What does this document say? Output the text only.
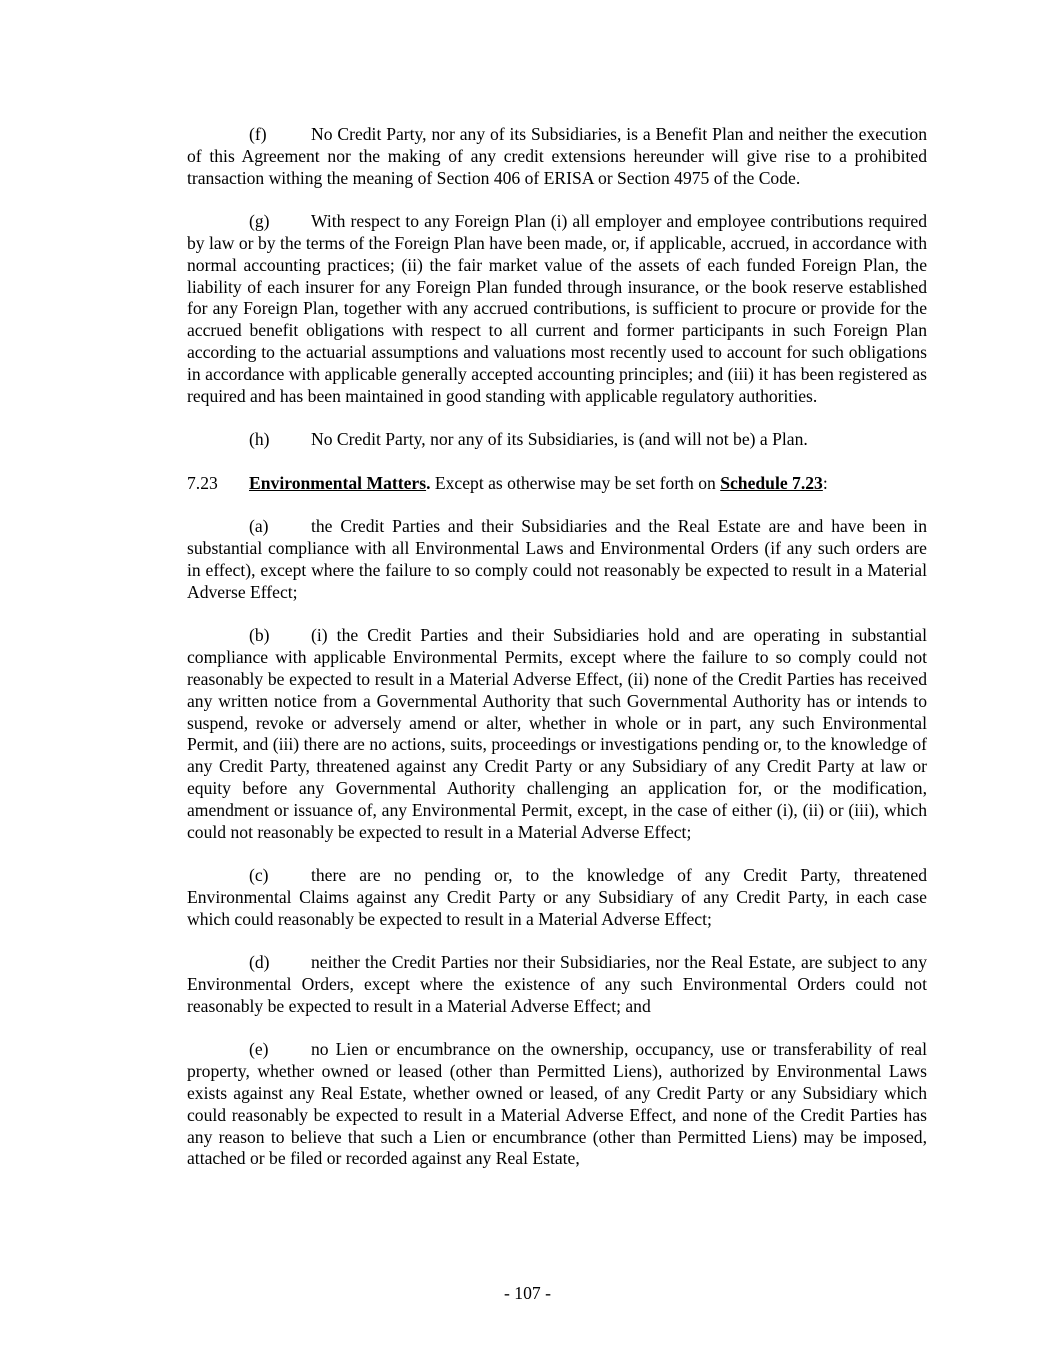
(f)	No Credit Party, nor any of its Subsidiaries, is a Benefit Plan and neither the execution of this Agreement nor the making of any credit extensions hereunder will give rise to a prohibited transaction withing the meaning of Section 406 of ERISA or Section 4975 of the Code.

(g) With respect to any Foreign Plan (i) all employer and employee contributions required by law or by the terms of the Foreign Plan have been made, or, if applicable, accrued, in accordance with normal accounting practices; (ii) the fair market value of the assets of each funded Foreign Plan, the liability of each insurer for any Foreign Plan funded through insurance, or the book reserve established for any Foreign Plan, together with any accrued contributions, is sufficient to procure or provide for the accrued benefit obligations with respect to all current and former participants in such Foreign Plan according to the actuarial assumptions and valuations most recently used to account for such obligations in accordance with applicable generally accepted accounting principles; and (iii) it has been registered as required and has been maintained in good standing with applicable regulatory authorities.

(h) No Credit Party, nor any of its Subsidiaries, is (and will not be) a Plan.

7.23 Environmental Matters. Except as otherwise may be set forth on Schedule 7.23:

(a) the Credit Parties and their Subsidiaries and the Real Estate are and have been in substantial compliance with all Environmental Laws and Environmental Orders (if any such orders are in effect), except where the failure to so comply could not reasonably be expected to result in a Material Adverse Effect;

(b) (i) the Credit Parties and their Subsidiaries hold and are operating in substantial compliance with applicable Environmental Permits, except where the failure to so comply could not reasonably be expected to result in a Material Adverse Effect, (ii) none of the Credit Parties has received any written notice from a Governmental Authority that such Governmental Authority has or intends to suspend, revoke or adversely amend or alter, whether in whole or in part, any such Environmental Permit, and (iii) there are no actions, suits, proceedings or investigations pending or, to the knowledge of any Credit Party, threatened against any Credit Party or any Subsidiary of any Credit Party at law or equity before any Governmental Authority challenging an application for, or the modification, amendment or issuance of, any Environmental Permit, except, in the case of either (i), (ii) or (iii), which could not reasonably be expected to result in a Material Adverse Effect;

(c) there are no pending or, to the knowledge of any Credit Party, threatened Environmental Claims against any Credit Party or any Subsidiary of any Credit Party, in each case which could reasonably be expected to result in a Material Adverse Effect;

(d) neither the Credit Parties nor their Subsidiaries, nor the Real Estate, are subject to any Environmental Orders, except where the existence of any such Environmental Orders could not reasonably be expected to result in a Material Adverse Effect; and

(e) no Lien or encumbrance on the ownership, occupancy, use or transferability of real property, whether owned or leased (other than Permitted Liens), authorized by Environmental Laws exists against any Real Estate, whether owned or leased, of any Credit Party or any Subsidiary which could reasonably be expected to result in a Material Adverse Effect, and none of the Credit Parties has any reason to believe that such a Lien or encumbrance (other than Permitted Liens) may be imposed, attached or be filed or recorded against any Real Estate,

- 107 -
